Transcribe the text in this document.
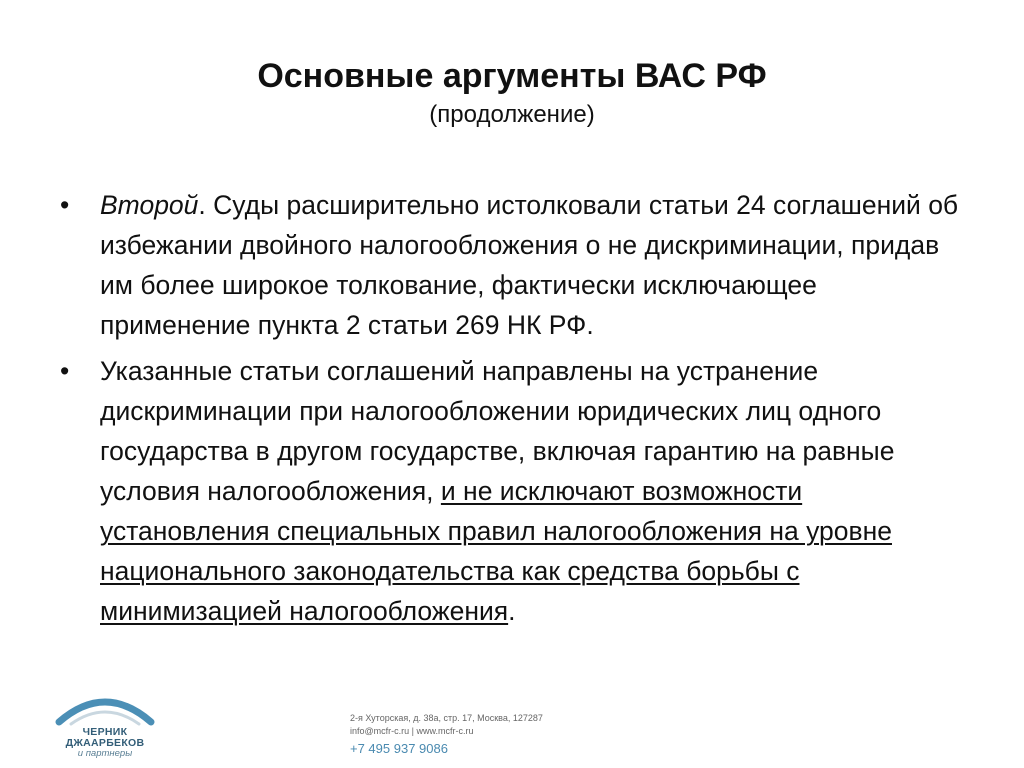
Основные аргументы ВАС РФ
(продолжение)
• Второй. Суды расширительно истолковали статьи 24 соглашений об избежании двойного налогообложения о не дискриминации, придав им более широкое толкование, фактически исключающее применение пункта 2 статьи 269 НК РФ.
• Указанные статьи соглашений направлены на устранение дискриминации при налогообложении юридических лиц одного государства в другом государстве, включая гарантию на равные условия налогообложения, и не исключают возможности установления специальных правил налогообложения на уровне национального законодательства как средства борьбы с минимизацией налогообложения.
ЧЕРНИК
ДЖААРБЕКОВ
и партнеры
2-я Хуторская, д. 38а, стр. 17, Москва, 127287
info@mcfr-c.ru | www.mcfr-c.ru
+7 495 937 9086
